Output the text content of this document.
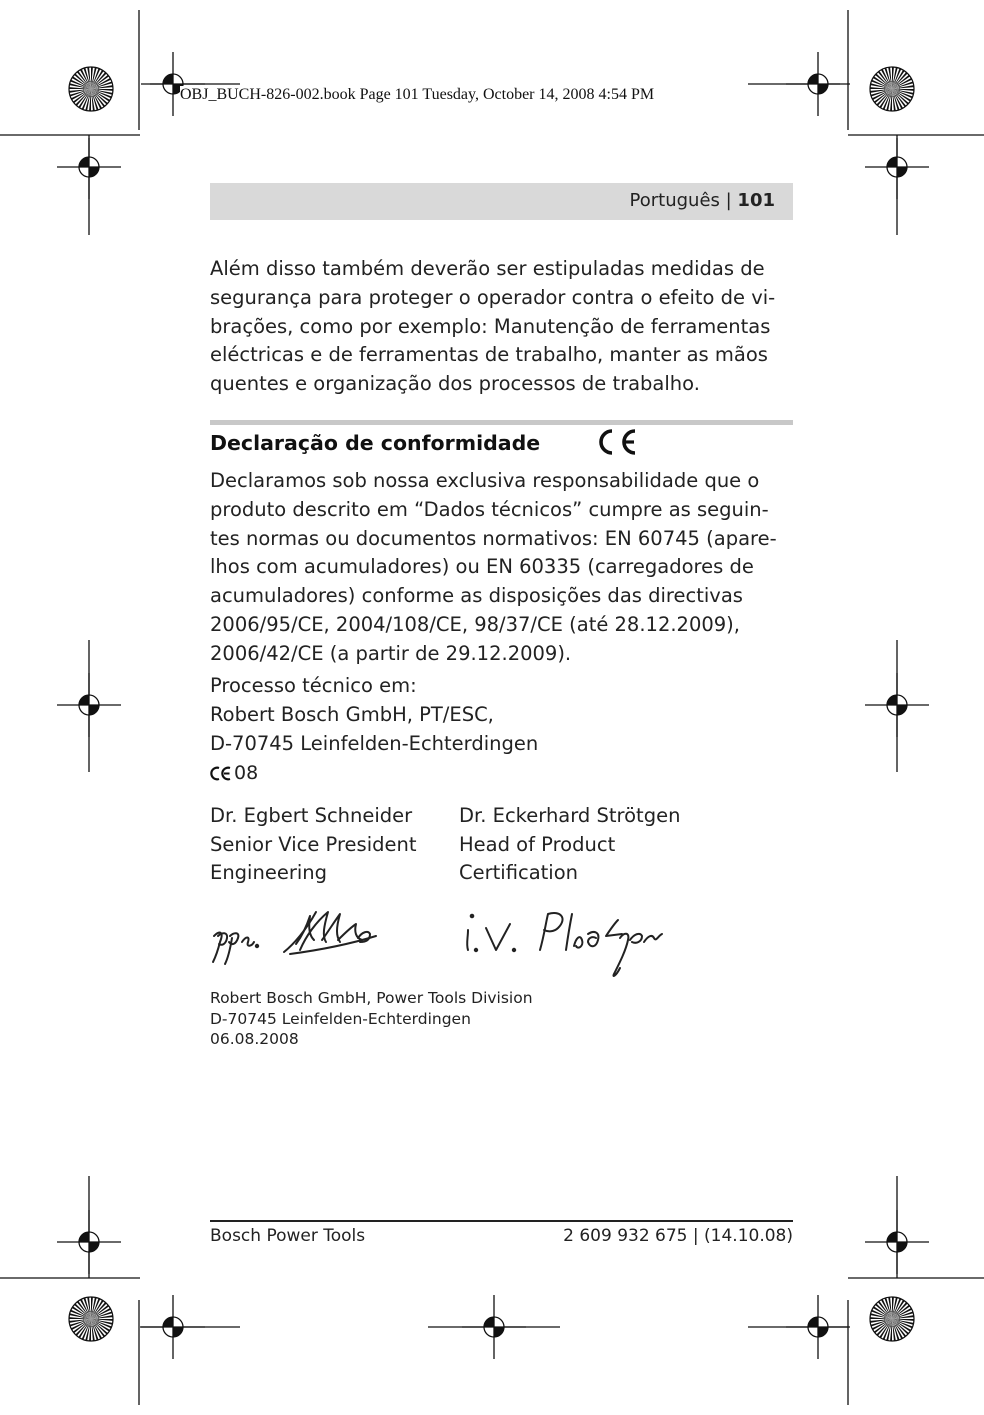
OBJ_BUCH-826-002.book Page 101 Tuesday, October 14, 2008 4:54 PM
Português | 101

Além disso também deverão ser estipuladas medidas de

segurança para proteger o operador contra o efeito de vi-

brações, como por exemplo: Manutenção de ferramentas

eléctricas e de ferramentas de trabalho, manter as mãos

quentes e organização dos processos de trabalho.

Declaração de conformidade

Declaramos sob nossa exclusiva responsabilidade que o

produto descrito em “Dados técnicos” cumpre as seguin-

tes normas ou documentos normativos: EN 60745 (apare-

lhos com acumuladores) ou EN 60335 (carregadores de

acumuladores) conforme as disposições das directivas

2006/95/CE, 2004/108/CE, 98/37/CE (até 28.12.2009),

2006/42/CE (a partir de 29.12.2009).

Processo técnico em:

Robert Bosch GmbH, PT/ESC,

D-70745 Leinfelden-Echterdingen

08
Dr. Egbert Schneider
Senior Vice President
Engineering
Dr. Eckerhard Strötgen
Head of Product
Certification
Robert Bosch GmbH, Power Tools Division
D-70745 Leinfelden-Echterdingen
06.08.2008
Bosch Power Tools	2 609 932 675 | (14.10.08)
